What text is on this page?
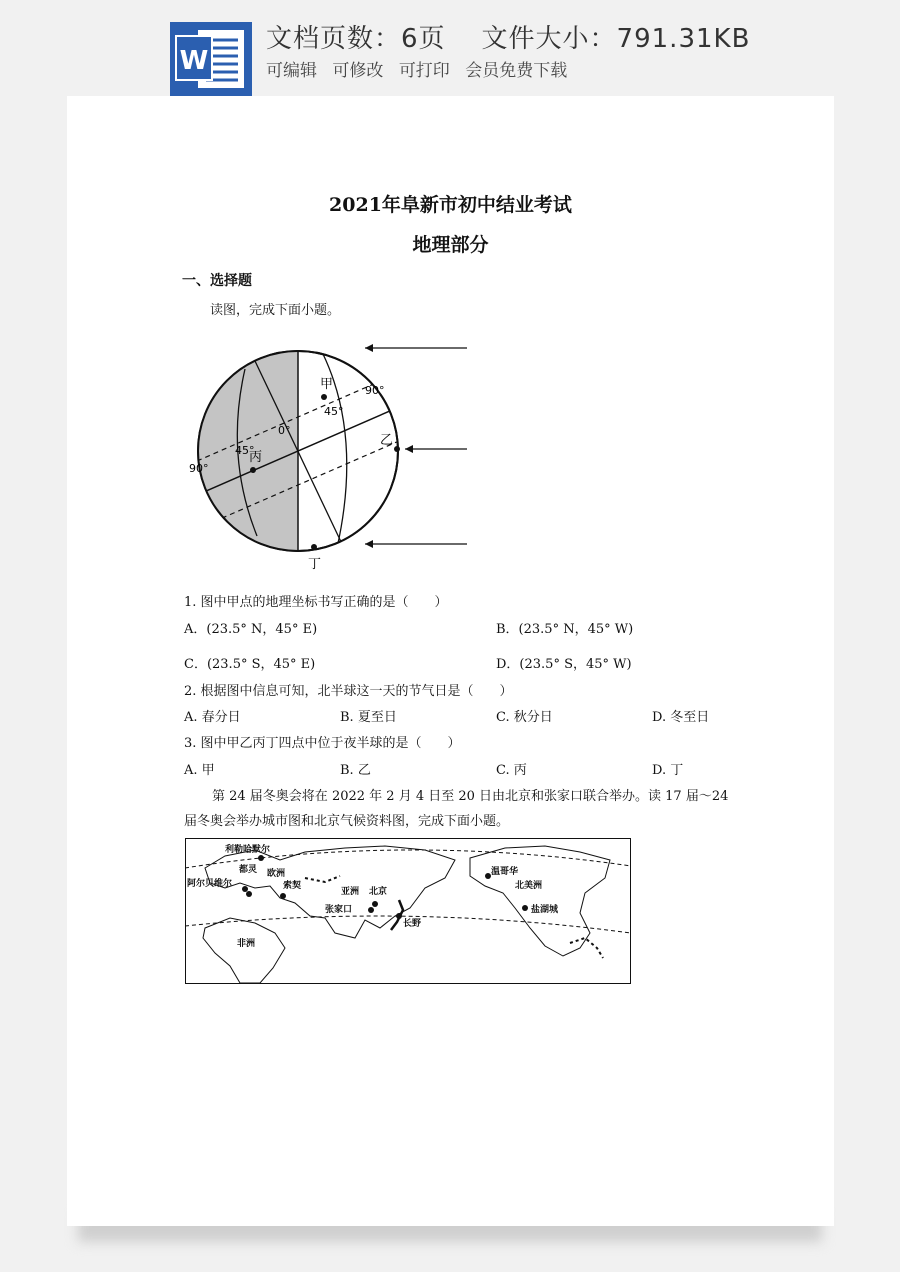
W
文档页数：6页 文件大小：791.31KB
可编辑 可修改 可打印 会员免费下载
2021年阜新市初中结业考试
地理部分
一、选择题
读图，完成下面小题。
甲
乙
丙
丁
90°
45°
0°
45°
90°
1. 图中甲点的地理坐标书写正确的是（　　）
A．(23.5° N，45° E)	B．(23.5° N，45° W)
C．(23.5° S，45° E)	D．(23.5° S，45° W)
2. 根据图中信息可知，北半球这一天的节气日是（　　）
A. 春分日	B. 夏至日	C. 秋分日	D. 冬至日
3. 图中甲乙丙丁四点中位于夜半球的是（　　）
A. 甲	B. 乙	C. 丙	D. 丁
第 24 届冬奥会将在 2022 年 2 月 4 日至 20 日由北京和张家口联合举办。读 17 届～24
届冬奥会举办城市图和北京气候资料图，完成下面小题。
利勒哈默尔
欧洲
阿尔贝维尔
都灵
索契
亚洲 北京
张家口
长野
温哥华
北美洲
盐湖城
非洲
